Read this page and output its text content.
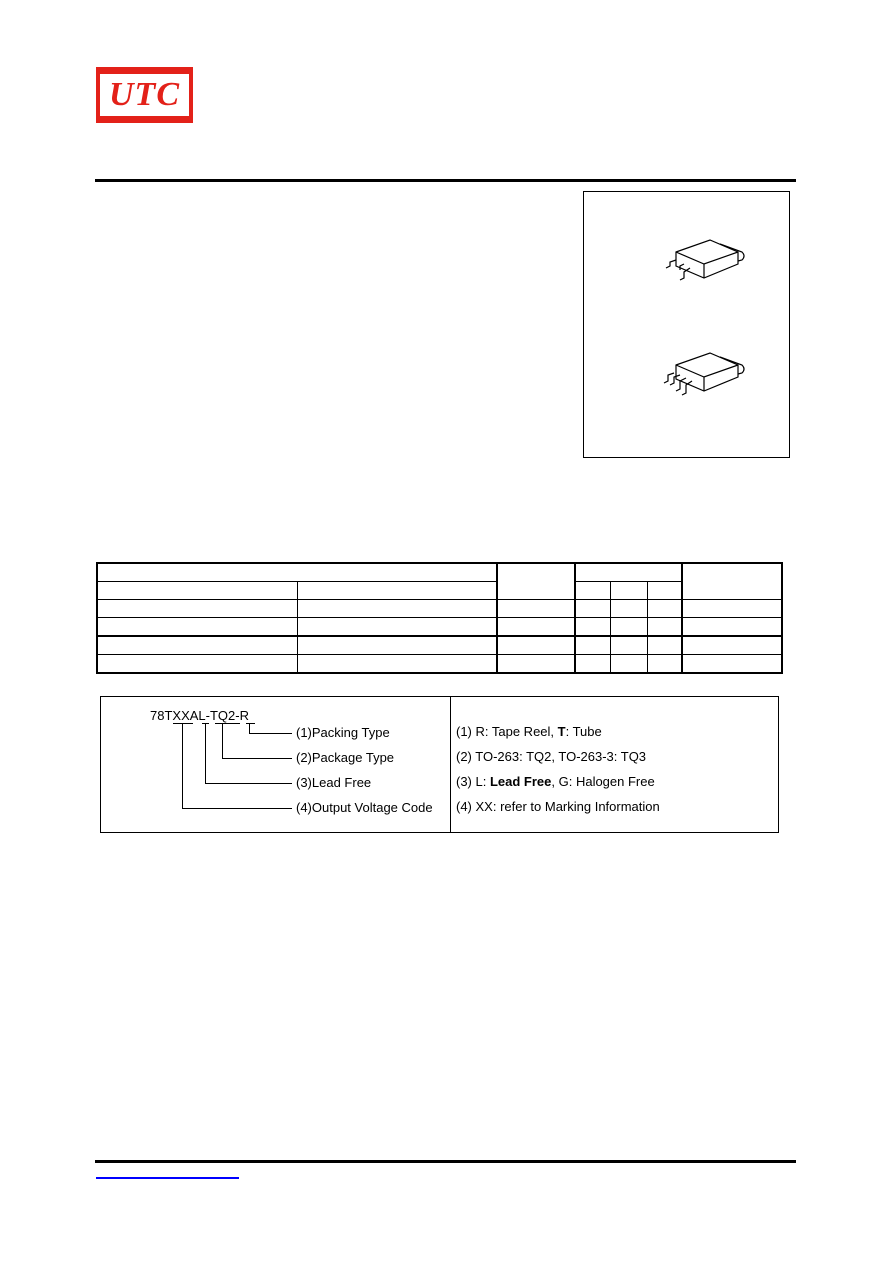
UTC

78TXXAL-TQ2-R
(1)Packing Type
(2)Package Type
(3)Lead Free
(4)Output Voltage Code
(1) R: Tape Reel, T: Tube
(2) TO-263: TQ2, TO-263-3: TQ3
(3) L: Lead Free, G: Halogen Free
(4) XX: refer to Marking Information
